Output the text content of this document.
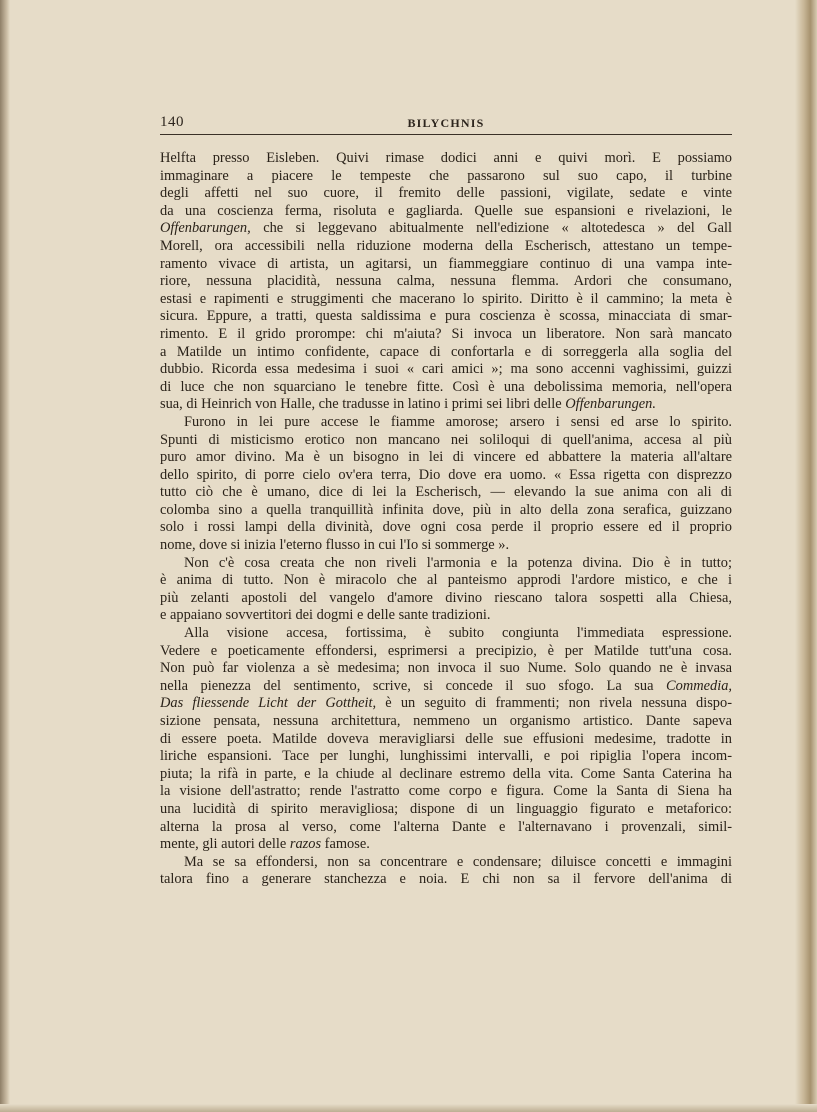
140	BILYCHNIS
Helfta presso Eisleben. Quivi rimase dodici anni e quivi morì. E possiamo
immaginare a piacere le tempeste che passarono sul suo capo, il turbine
degli affetti nel suo cuore, il fremito delle passioni, vigilate, sedate e vinte
da una coscienza ferma, risoluta e gagliarda. Quelle sue espansioni e rivelazioni, le
Offenbarungen, che si leggevano abitualmente nell'edizione « altotedesca » del Gall
Morell, ora accessibili nella riduzione moderna della Escherisch, attestano un tempe-
ramento vivace di artista, un agitarsi, un fiammeggiare continuo di una vampa inte-
riore, nessuna placidità, nessuna calma, nessuna flemma. Ardori che consumano,
estasi e rapimenti e struggimenti che macerano lo spirito. Diritto è il cammino; la meta è
sicura. Eppure, a tratti, questa saldissima e pura coscienza è scossa, minacciata di smar-
rimento. E il grido prorompe: chi m'aiuta? Si invoca un liberatore. Non sarà mancato
a Matilde un intimo confidente, capace di confortarla e di sorreggerla alla soglia del
dubbio. Ricorda essa medesima i suoi « cari amici »; ma sono accenni vaghissimi, guizzi
di luce che non squarciano le tenebre fitte. Così è una debolissima memoria, nell'opera
sua, di Heinrich von Halle, che tradusse in latino i primi sei libri delle Offenbarungen.
Furono in lei pure accese le fiamme amorose; arsero i sensi ed arse lo spirito.
Spunti di misticismo erotico non mancano nei soliloqui di quell'anima, accesa al più
puro amor divino. Ma è un bisogno in lei di vincere ed abbattere la materia all'altare
dello spirito, di porre cielo ov'era terra, Dio dove era uomo. « Essa rigetta con disprezzo
tutto ciò che è umano, dice di lei la Escherisch, — elevando la sue anima con ali di
colomba sino a quella tranquillità infinita dove, più in alto della zona serafica, guizzano
solo i rossi lampi della divinità, dove ogni cosa perde il proprio essere ed il proprio
nome, dove si inizia l'eterno flusso in cui l'Io si sommerge ».
Non c'è cosa creata che non riveli l'armonia e la potenza divina. Dio è in tutto;
è anima di tutto. Non è miracolo che al panteismo approdi l'ardore mistico, e che i
più zelanti apostoli del vangelo d'amore divino riescano talora sospetti alla Chiesa,
e appaiano sovvertitori dei dogmi e delle sante tradizioni.
Alla visione accesa, fortissima, è subito congiunta l'immediata espressione.
Vedere e poeticamente effondersi, esprimersi a precipizio, è per Matilde tutt'una cosa.
Non può far violenza a sè medesima; non invoca il suo Nume. Solo quando ne è invasa
nella pienezza del sentimento, scrive, si concede il suo sfogo. La sua Commedia,
Das fliessende Licht der Gottheit, è un seguito di frammenti; non rivela nessuna dispo-
sizione pensata, nessuna architettura, nemmeno un organismo artistico. Dante sapeva
di essere poeta. Matilde doveva meravigliarsi delle sue effusioni medesime, tradotte in
liriche espansioni. Tace per lunghi, lunghissimi intervalli, e poi ripiglia l'opera incom-
piuta; la rifà in parte, e la chiude al declinare estremo della vita. Come Santa Caterina ha
la visione dell'astratto; rende l'astratto come corpo e figura. Come la Santa di Siena ha
una lucidità di spirito meravigliosa; dispone di un linguaggio figurato e metaforico:
alterna la prosa al verso, come l'alterna Dante e l'alternavano i provenzali, simil-
mente, gli autori delle razos famose.
Ma se sa effondersi, non sa concentrare e condensare; diluisce concetti e immagini
talora fino a generare stanchezza e noia. E chi non sa il fervore dell'anima di
